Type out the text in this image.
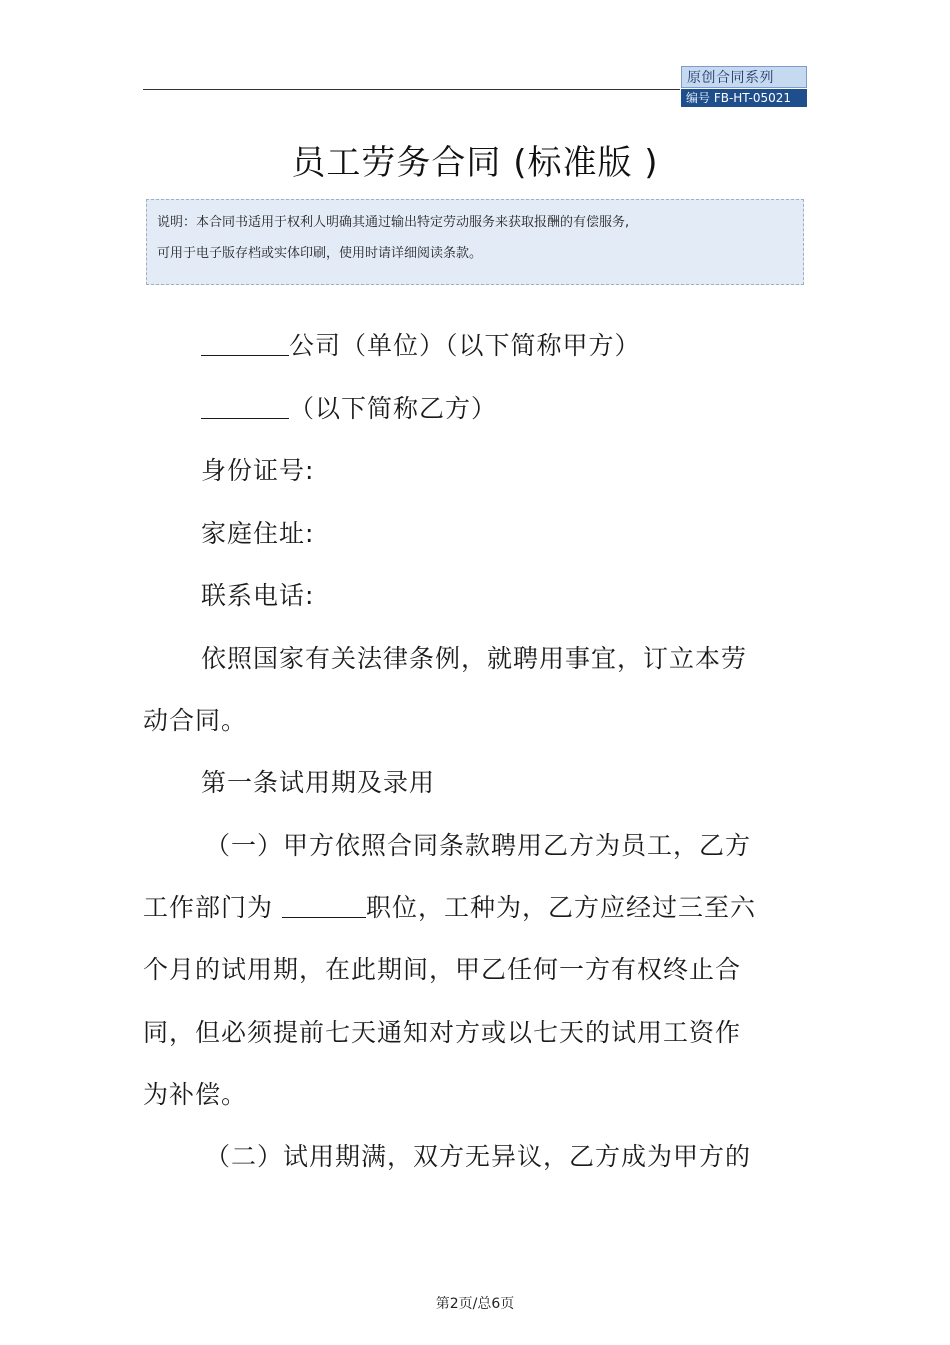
原创合同系列
编号 FB-HT-05021
员工劳务合同 (标准版 )
说明：本合同书适用于权利人明确其通过输出特定劳动服务来获取报酬的有偿服务,
可用于电子版存档或实体印刷，使用时请详细阅读条款。
公司（单位）（以下简称甲方）
（以下简称乙方）
身份证号:
家庭住址:
联系电话:
依照国家有关法律条例，就聘用事宜，订立本劳
动合同。
第一条试用期及录用
（一）甲方依照合同条款聘用乙方为员工，乙方
工作部门为	职位，工种为，乙方应经过三至六
个月的试用期，在此期间，甲乙任何一方有权终止合
同，但必须提前七天通知对方或以七天的试用工资作
为补偿。
（二）试用期满，双方无异议，乙方成为甲方的
第2页/总6页
